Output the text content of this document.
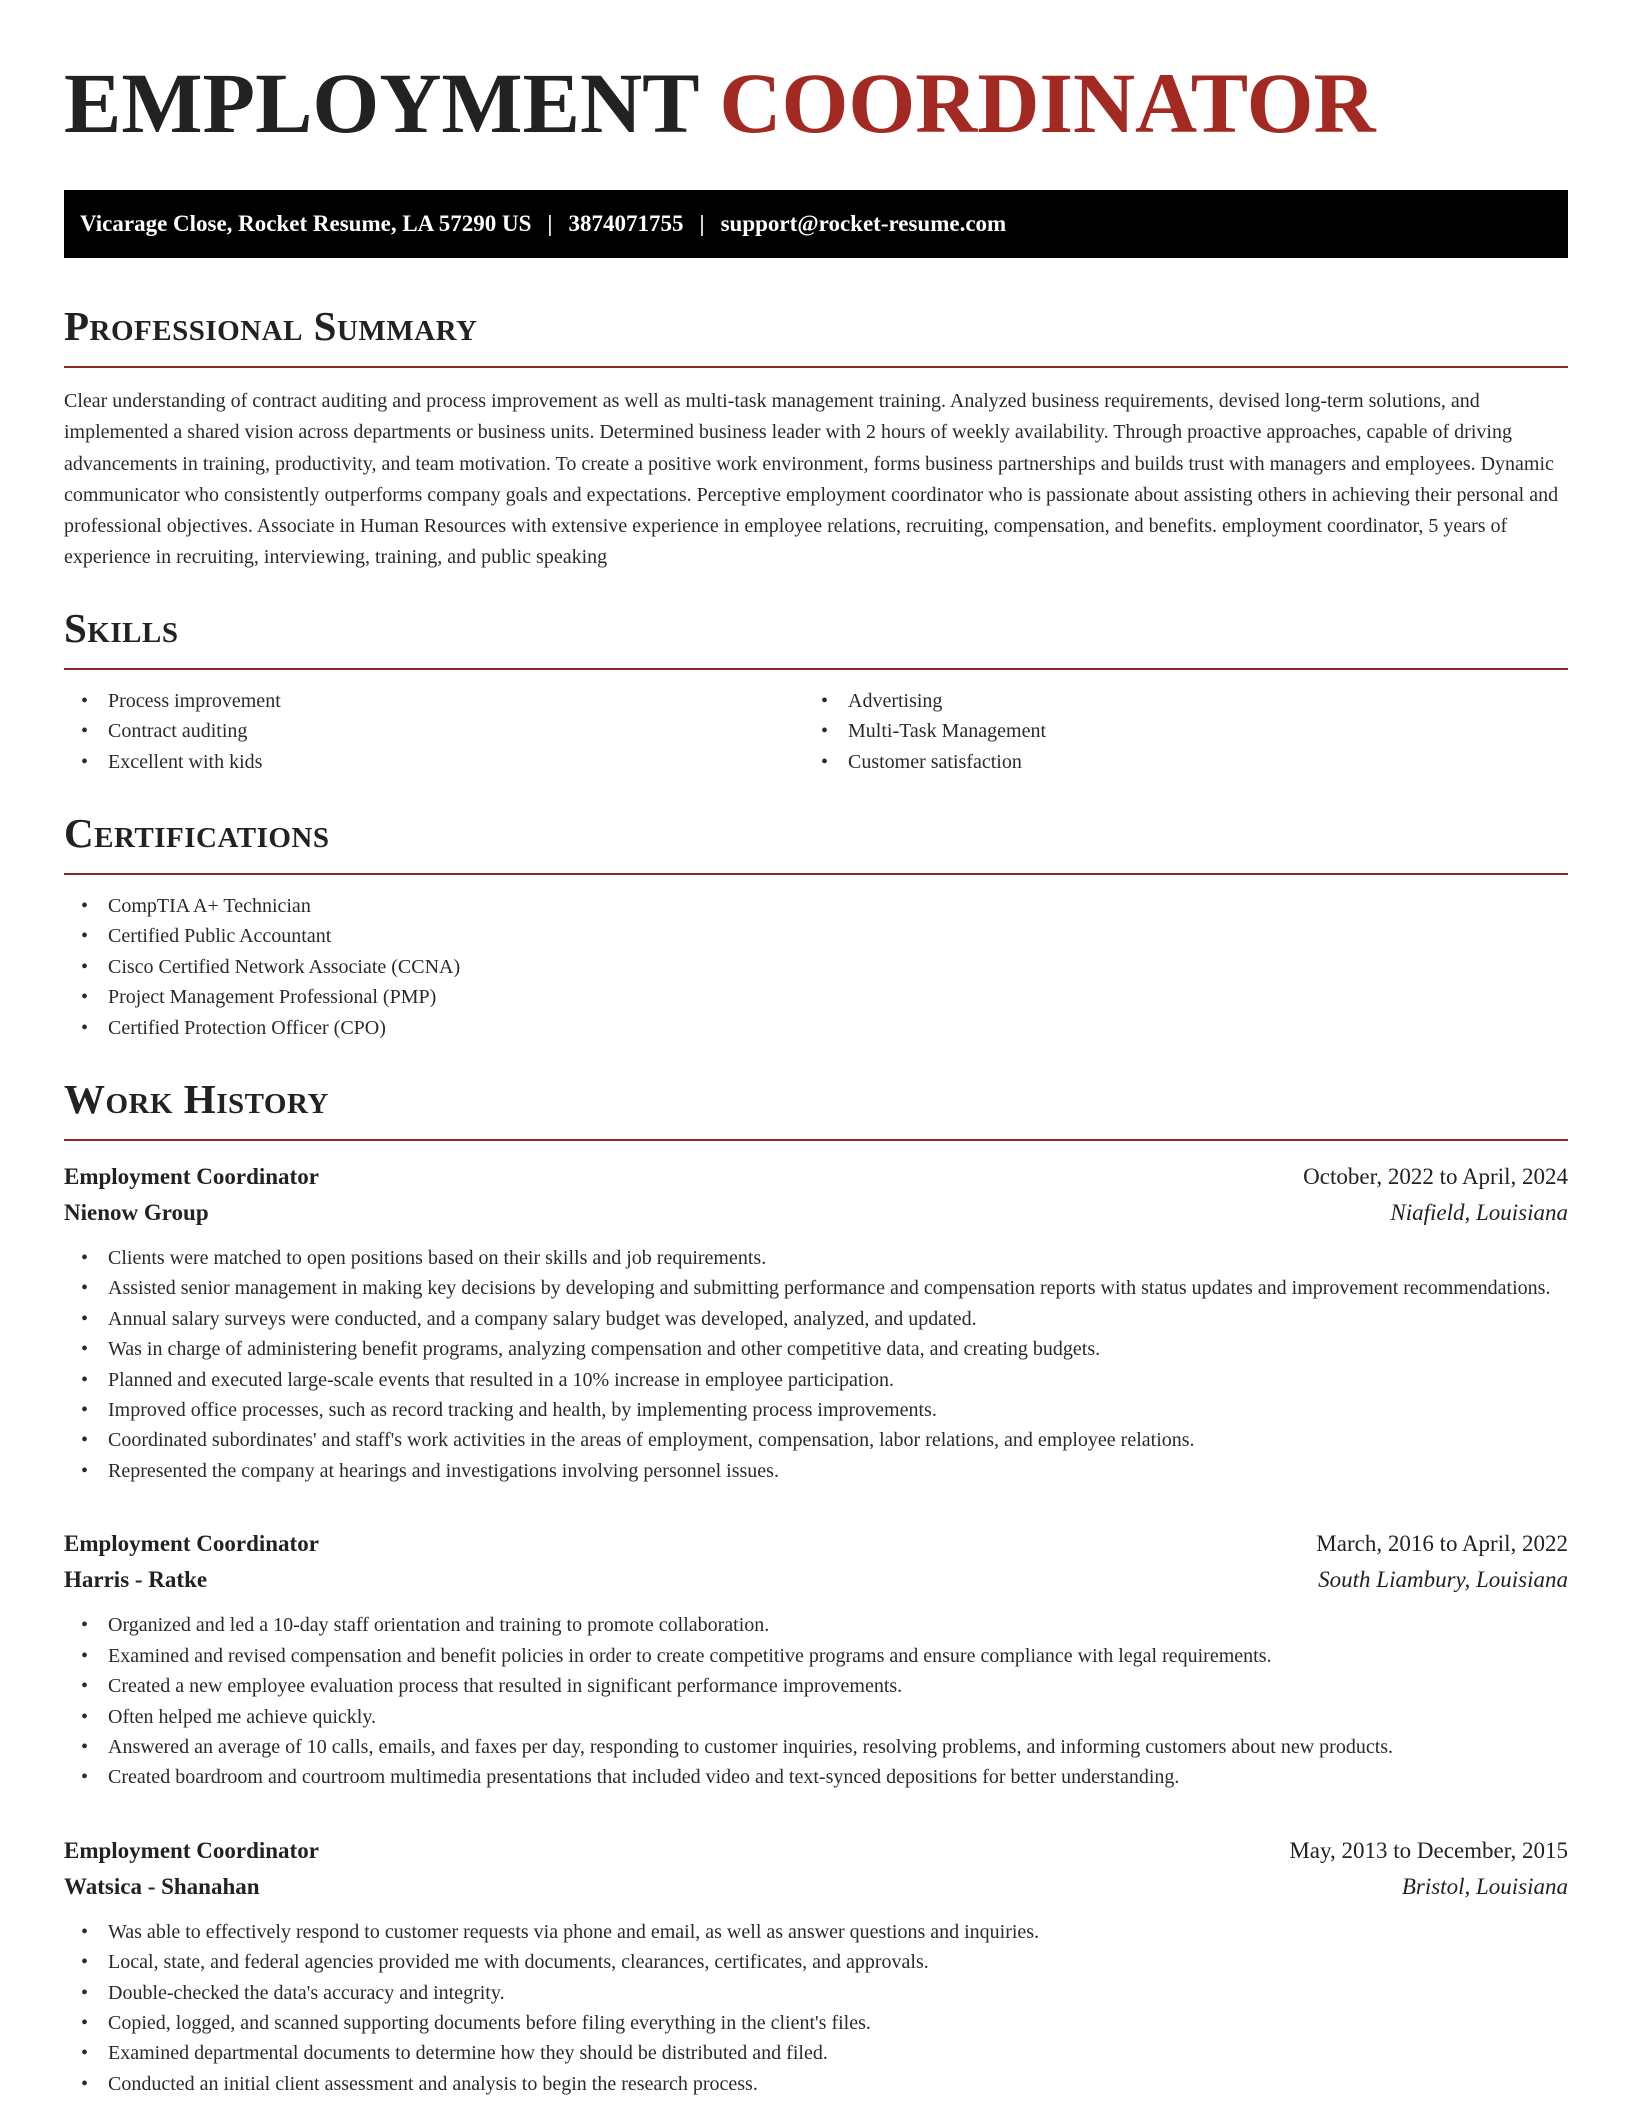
EMPLOYMENT COORDINATOR
Vicarage Close, Rocket Resume, LA 57290 US | 3874071755 | support@rocket-resume.com
Professional Summary

Clear understanding of contract auditing and process improvement as well as multi-task management training. Analyzed business requirements, devised long-term solutions, and implemented a shared vision across departments or business units. Determined business leader with 2 hours of weekly availability. Through proactive approaches, capable of driving advancements in training, productivity, and team motivation. To create a positive work environment, forms business partnerships and builds trust with managers and employees. Dynamic communicator who consistently outperforms company goals and expectations. Perceptive employment coordinator who is passionate about assisting others in achieving their personal and professional objectives. Associate in Human Resources with extensive experience in employee relations, recruiting, compensation, and benefits. employment coordinator, 5 years of experience in recruiting, interviewing, training, and public speaking

Skills
• Process improvement
• Contract auditing
• Excellent with kids
• Advertising
• Multi-Task Management
• Customer satisfaction
Certifications
• CompTIA A+ Technician
• Certified Public Accountant
• Cisco Certified Network Associate (CCNA)
• Project Management Professional (PMP)
• Certified Protection Officer (CPO)
Work History
Employment Coordinator	October, 2022 to April, 2024
Nienow Group	Niafield, Louisiana
• Clients were matched to open positions based on their skills and job requirements.
• Assisted senior management in making key decisions by developing and submitting performance and compensation reports with status updates and improvement recommendations.
• Annual salary surveys were conducted, and a company salary budget was developed, analyzed, and updated.
• Was in charge of administering benefit programs, analyzing compensation and other competitive data, and creating budgets.
• Planned and executed large-scale events that resulted in a 10% increase in employee participation.
• Improved office processes, such as record tracking and health, by implementing process improvements.
• Coordinated subordinates' and staff's work activities in the areas of employment, compensation, labor relations, and employee relations.
• Represented the company at hearings and investigations involving personnel issues.
Employment Coordinator	March, 2016 to April, 2022
Harris - Ratke	South Liambury, Louisiana
• Organized and led a 10-day staff orientation and training to promote collaboration.
• Examined and revised compensation and benefit policies in order to create competitive programs and ensure compliance with legal requirements.
• Created a new employee evaluation process that resulted in significant performance improvements.
• Often helped me achieve quickly.
• Answered an average of 10 calls, emails, and faxes per day, responding to customer inquiries, resolving problems, and informing customers about new products.
• Created boardroom and courtroom multimedia presentations that included video and text-synced depositions for better understanding.
Employment Coordinator	May, 2013 to December, 2015
Watsica - Shanahan	Bristol, Louisiana
• Was able to effectively respond to customer requests via phone and email, as well as answer questions and inquiries.
• Local, state, and federal agencies provided me with documents, clearances, certificates, and approvals.
• Double-checked the data's accuracy and integrity.
• Copied, logged, and scanned supporting documents before filing everything in the client's files.
• Examined departmental documents to determine how they should be distributed and filed.
• Conducted an initial client assessment and analysis to begin the research process.
